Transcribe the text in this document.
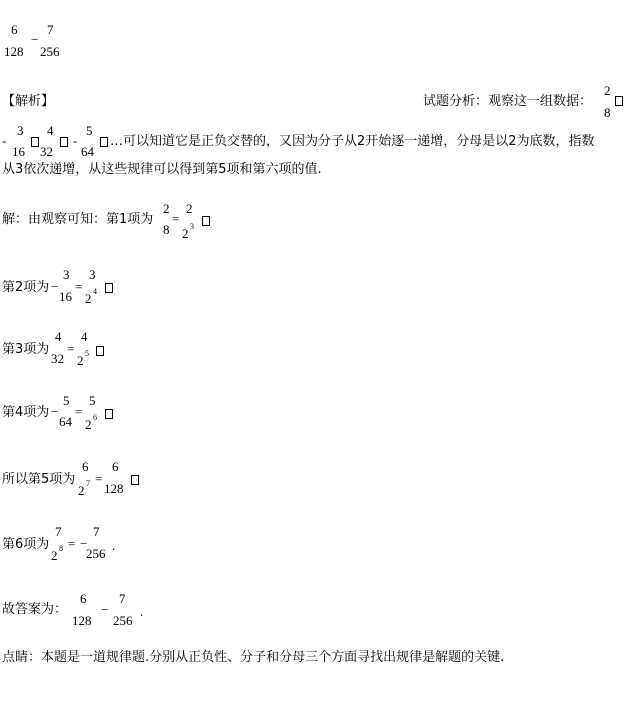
6
128
−
7
256
【解析】	试题分析：观察这一组数据：
2
8
-
3
16
4
32
-
5
64
…可以知道它是正负交替的，又因为分子从2开始逐一递增，分母是以2为底数，指数
从3依次递增，从这些规律可以得到第5项和第六项的值.
解：由观察可知：第1项为
2
8
=
2
2 3
第2项为 −
3
16
=
3
2 4
第3项为
4
32
=
4
2 5
第4项为 −
5
64
=
5
2 6
所以第5项为
6
2 7 =
6
128
第6项为
7
2 8 = −
7
256
.
故答案为：
6
128
−
7
256
.
点睛：本题是一道规律题.分别从正负性、分子和分母三个方面寻找出规律是解题的关键.
